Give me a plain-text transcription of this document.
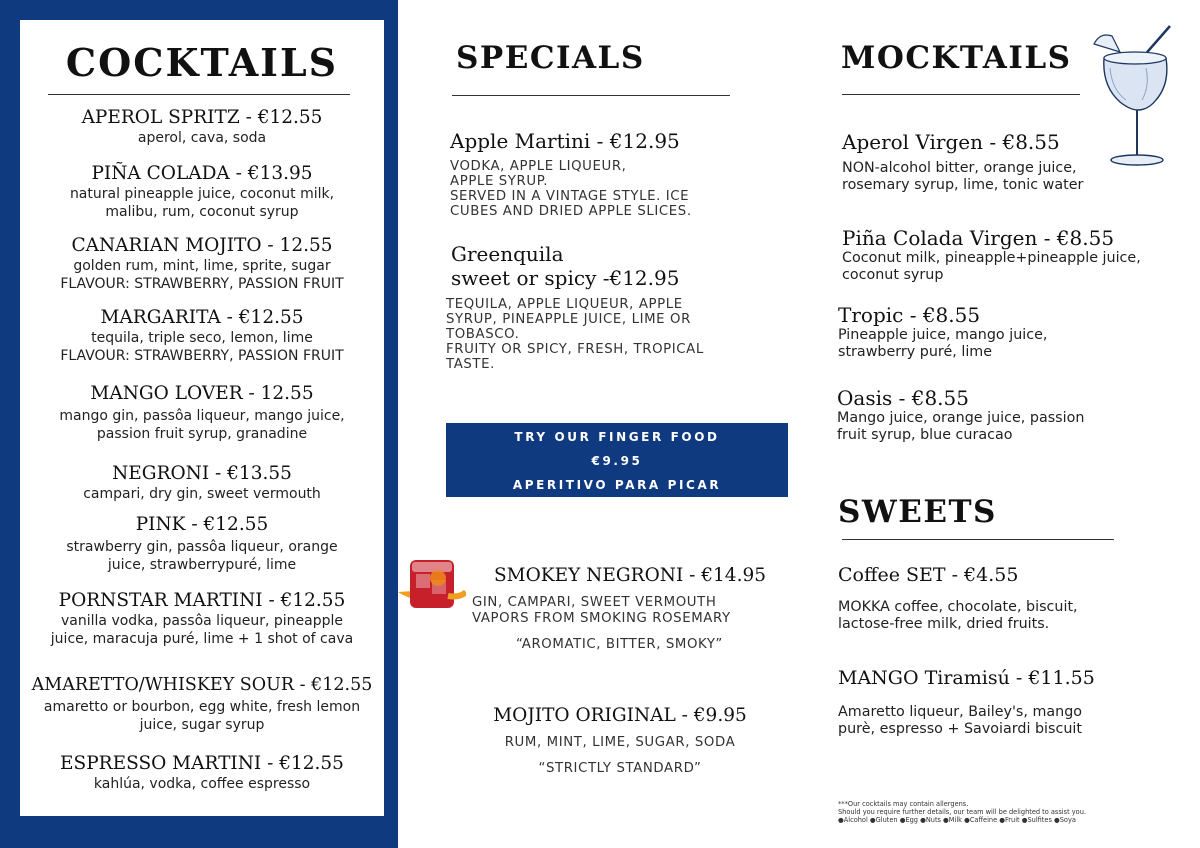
COCKTAILS
APEROL SPRITZ - €12.55
aperol, cava, soda
PIÑA COLADA - €13.95
natural pineapple juice, coconut milk, malibu, rum, coconut syrup
CANARIAN MOJITO - 12.55
golden rum, mint, lime, sprite, sugar
FLAVOUR: STRAWBERRY, PASSION FRUIT
MARGARITA - €12.55
tequila, triple seco, lemon, lime
FLAVOUR: STRAWBERRY, PASSION FRUIT
MANGO LOVER - 12.55
mango gin, passôa liqueur, mango juice, passion fruit syrup, granadine
NEGRONI - €13.55
campari, dry gin, sweet vermouth
PINK - €12.55
strawberry gin, passôa liqueur, orange juice, strawberrypuré, lime
PORNSTAR MARTINI - €12.55
vanilla vodka, passôa liqueur, pineapple juice, maracuja puré, lime + 1 shot of cava
AMARETTO/WHISKEY SOUR - €12.55
amaretto or bourbon, egg white, fresh lemon juice, sugar syrup
ESPRESSO MARTINI - €12.55
kahlúa, vodka, coffee espresso
SPECIALS
Apple Martini - €12.95
VODKA, APPLE LIQUEUR,
APPLE SYRUP.
SERVED IN A VINTAGE STYLE. ICE CUBES AND DRIED APPLE SLICES.
Greenquila
sweet or spicy -€12.95
TEQUILA, APPLE LIQUEUR, APPLE SYRUP, PINEAPPLE JUICE, LIME OR TOBASCO.
FRUITY OR SPICY, FRESH, TROPICAL TASTE.
TRY OUR FINGER FOOD
€9.95
APERITIVO PARA PICAR
SMOKEY NEGRONI - €14.95
GIN, CAMPARI, SWEET VERMOUTH
VAPORS FROM SMOKING ROSEMARY
“AROMATIC, BITTER, SMOKY”
MOJITO ORIGINAL - €9.95
RUM, MINT, LIME, SUGAR, SODA
“STRICTLY STANDARD”
MOCKTAILS
Aperol Virgen - €8.55
NON-alcohol bitter, orange juice, rosemary syrup, lime, tonic water
Piña Colada Virgen - €8.55
Coconut milk, pineapple+pineapple juice, coconut syrup
Tropic - €8.55
Pineapple juice, mango juice, strawberry puré, lime
Oasis - €8.55
Mango juice, orange juice, passion fruit syrup, blue curacao
SWEETS
Coffee SET - €4.55
MOKKA coffee, chocolate, biscuit, lactose-free milk, dried fruits.
MANGO Tiramisú - €11.55
Amaretto liqueur, Bailey's, mango purè, espresso + Savoiardi biscuit
***Our cocktails may contain allergens.
Should you require further details, our team will be delighted to assist you.
●Alcohol ●Gluten ●Egg ●Nuts ●Milk ●Caffeine ●Fruit ●Sulfites ●Soya
